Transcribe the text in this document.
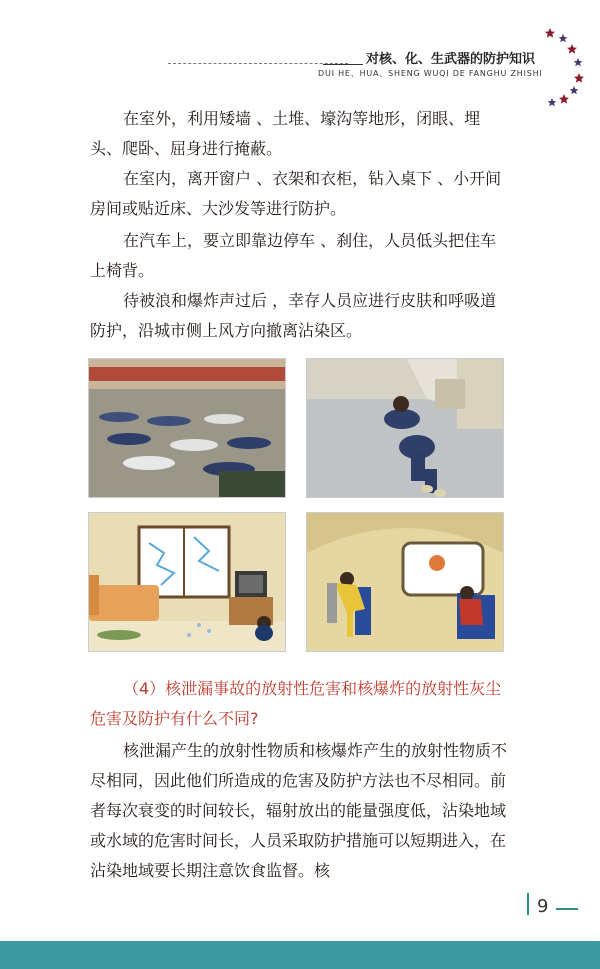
对核、化、生武器的防护知识
DUI HE、HUA、SHENG WUQI DE FANGHU ZHISHI

在室外，利用矮墙 、土堆、壕沟等地形，闭眼、埋头、爬卧、屈身进行掩蔽。

在室内，离开窗户 、衣架和衣柜，钻入桌下 、小开间房间或贴近床、大沙发等进行防护。

在汽车上，要立即靠边停车 、刹住，人员低头把住车上椅背。

待被浪和爆炸声过后 ，幸存人员应进行皮肤和呼吸道防护，沿城市侧上风方向撤离沾染区。

（4）核泄漏事故的放射性危害和核爆炸的放射性灰尘危害及防护有什么不同?

核泄漏产生的放射性物质和核爆炸产生的放射性物质不尽相同，因此他们所造成的危害及防护方法也不尽相同。前者每次衰变的时间较长，辐射放出的能量强度低，沾染地域或水域的危害时间长，人员采取防护措施可以短期进入，在沾染地域要长期注意饮食监督。核

9
